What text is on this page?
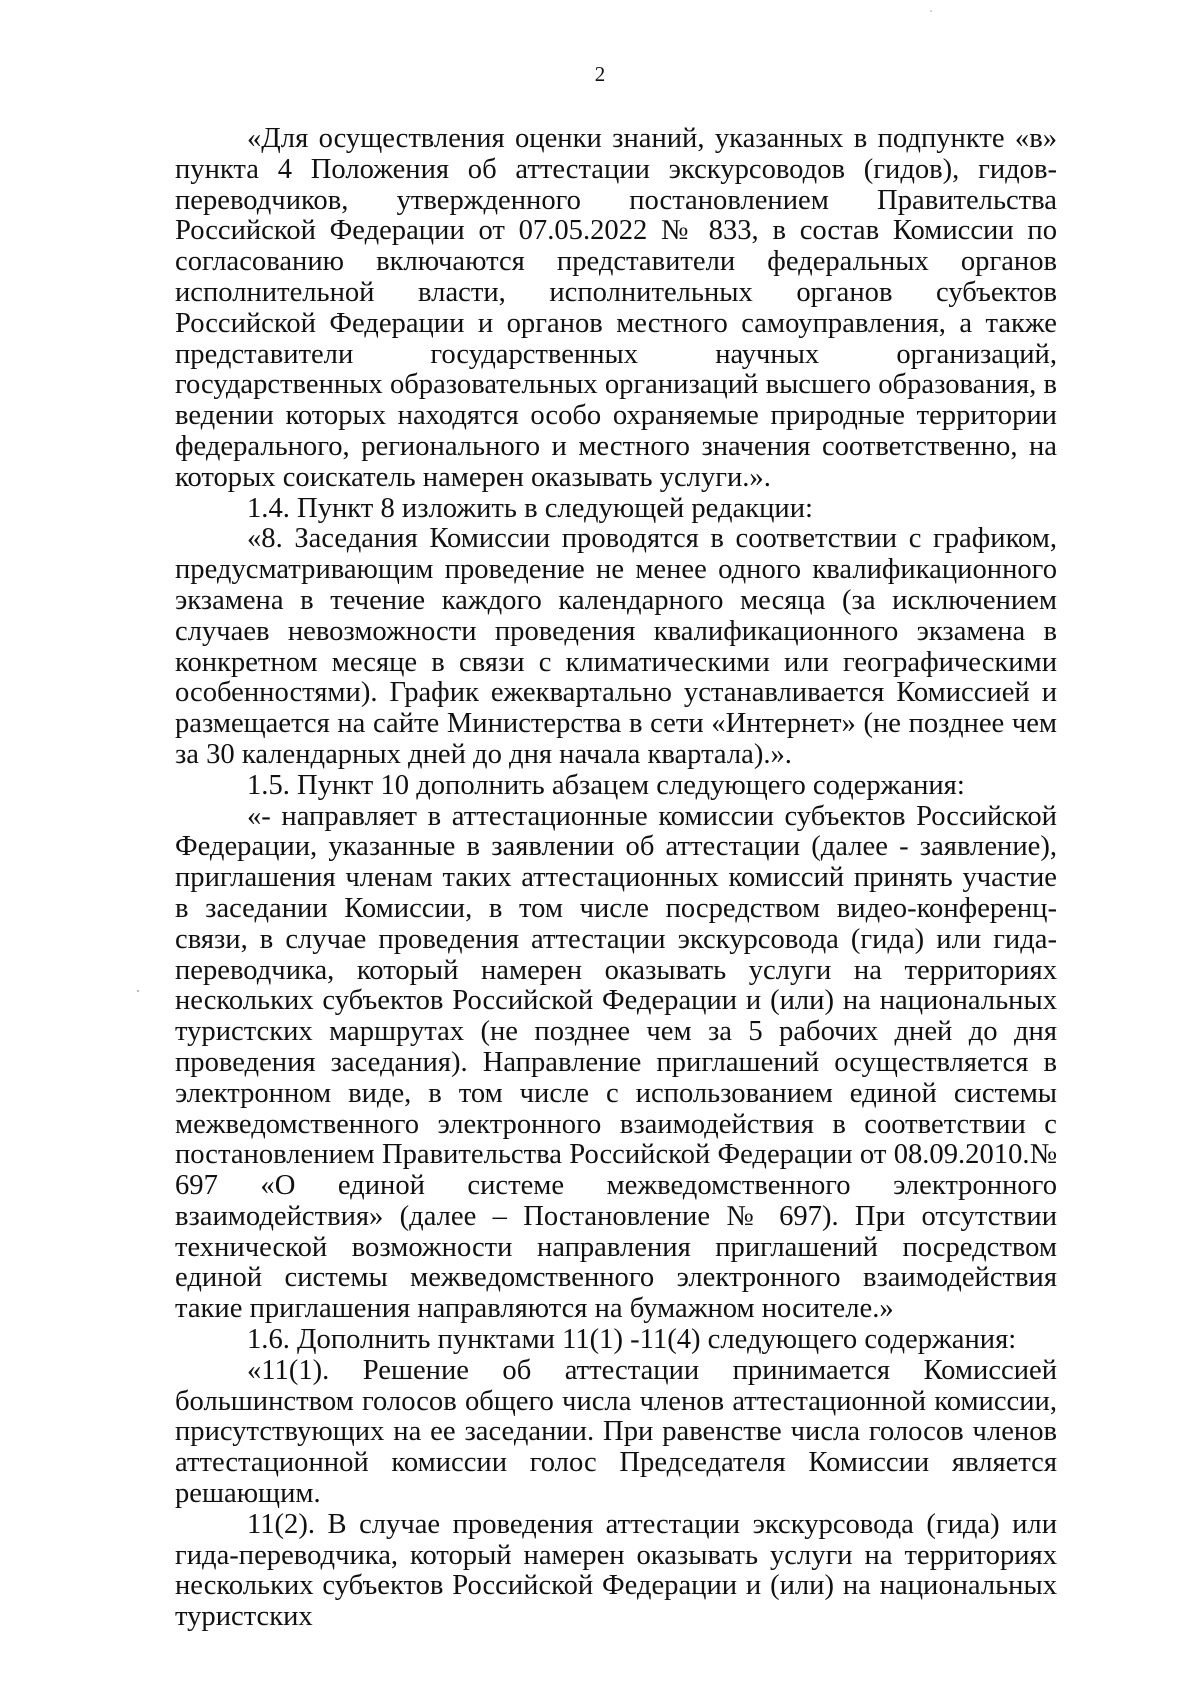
2

«Для осуществления оценки знаний, указанных в подпункте «в» пункта 4 Положения об аттестации экскурсоводов (гидов), гидов-переводчиков, утвержденного постановлением Правительства Российской Федерации от 07.05.2022 № 833, в состав Комиссии по согласованию включаются представители федеральных органов исполнительной власти, исполнительных органов субъектов Российской Федерации и органов местного самоуправления, а также представители государственных научных организаций, государственных образовательных организаций высшего образования, в ведении которых находятся особо охраняемые природные территории федерального, регионального и местного значения соответственно, на которых соискатель намерен оказывать услуги.».

1.4. Пункт 8 изложить в следующей редакции:

«8. Заседания Комиссии проводятся в соответствии с графиком, предусматривающим проведение не менее одного квалификационного экзамена в течение каждого календарного месяца (за исключением случаев невозможности проведения квалификационного экзамена в конкретном месяце в связи с климатическими или географическими особенностями). График ежеквартально устанавливается Комиссией и размещается на сайте Министерства в сети «Интернет» (не позднее чем за 30 календарных дней до дня начала квартала).».

1.5. Пункт 10 дополнить абзацем следующего содержания:

«- направляет в аттестационные комиссии субъектов Российской Федерации, указанные в заявлении об аттестации (далее - заявление), приглашения членам таких аттестационных комиссий принять участие в заседании Комиссии, в том числе посредством видео-конференц-связи, в случае проведения аттестации экскурсовода (гида) или гида-переводчика, который намерен оказывать услуги на территориях нескольких субъектов Российской Федерации и (или) на национальных туристских маршрутах (не позднее чем за 5 рабочих дней до дня проведения заседания). Направление приглашений осуществляется в электронном виде, в том числе с использованием единой системы межведомственного электронного взаимодействия в соответствии с постановлением Правительства Российской Федерации от 08.09.2010.№ 697 «О единой системе межведомственного электронного взаимодействия» (далее – Постановление № 697). При отсутствии технической возможности направления приглашений посредством единой системы межведомственного электронного взаимодействия такие приглашения направляются на бумажном носителе.»

1.6. Дополнить пунктами 11(1) -11(4) следующего содержания:

«11(1). Решение об аттестации принимается Комиссией большинством голосов общего числа членов аттестационной комиссии, присутствующих на ее заседании. При равенстве числа голосов членов аттестационной комиссии голос Председателя Комиссии является решающим.

11(2). В случае проведения аттестации экскурсовода (гида) или гида-переводчика, который намерен оказывать услуги на территориях нескольких субъектов Российской Федерации и (или) на национальных туристских
